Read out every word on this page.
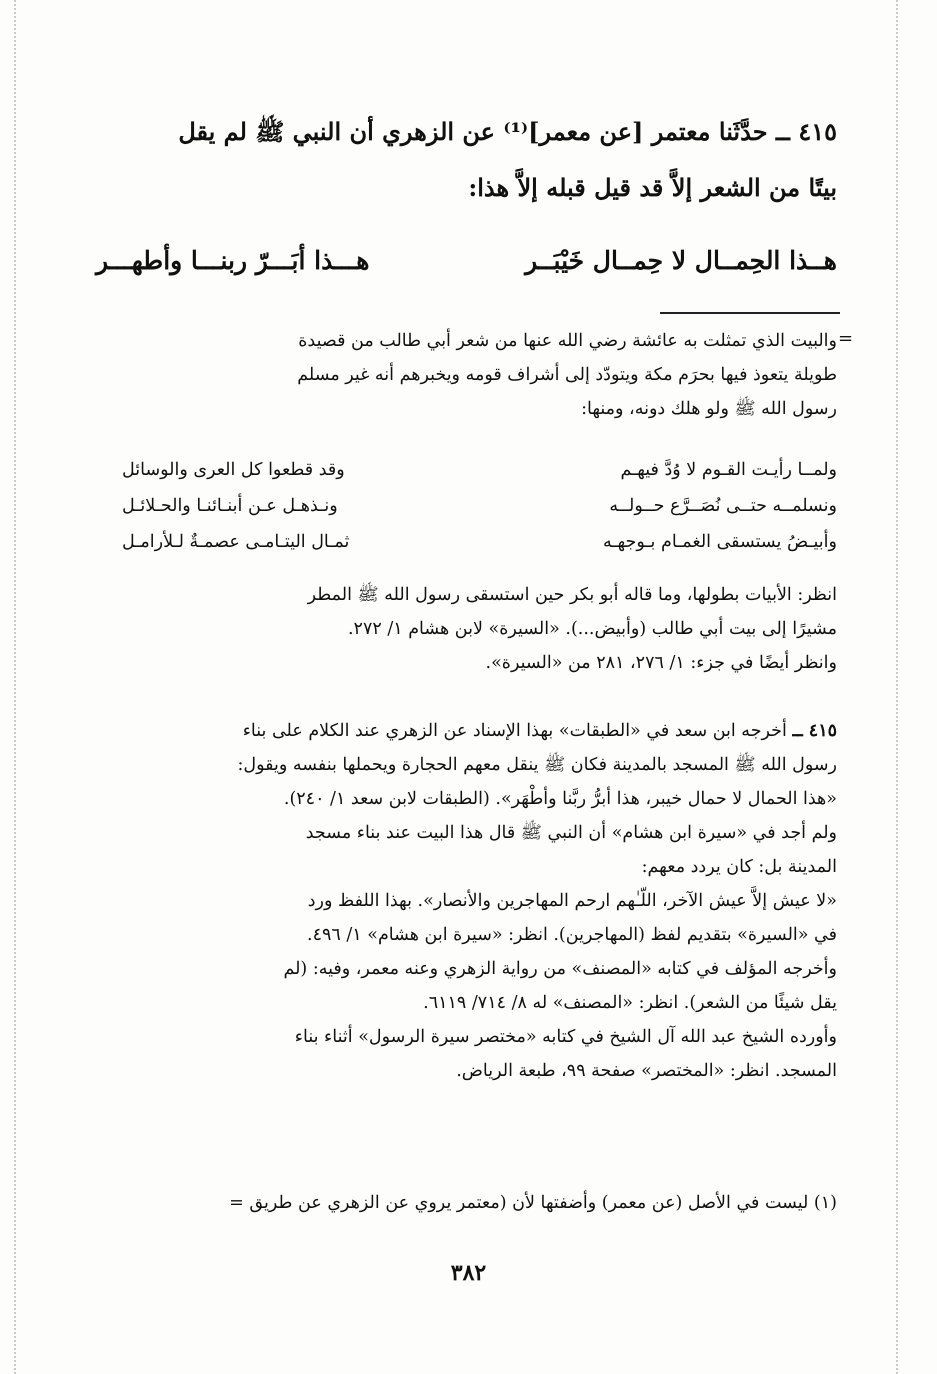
٤١٥ ــ حدَّثَنا معتمر [عن معمر]⁽¹⁾ عن الزهري أن النبي ﷺ لم يقل
بيتًا من الشعر إلاَّ قد قيل قبله إلاَّ هذا:
هــذا الحِمــال لا حِمــال خَيْبَــر
هـــذا أبَـــرّ ربنـــا وأطهـــر
=
والبيت الذي تمثلت به عائشة رضي الله عنها من شعر أبي طالب من قصيدة
طويلة يتعوذ فيها بحرَم مكة ويتودّد إلى أشراف قومه ويخبرهم أنه غير مسلم
رسول الله ﷺ ولو هلك دونه، ومنها:
ولمــا رأيـت القـوم لا وُدَّ فيهـم
وقد قطعوا كل العرى والوسائل
ونسلمــه حتــى نُصَــرَّع حــولــه
ونـذهـل عـن أبنـائنـا والحـلائـل
وأبيـضُ يستسقى الغمـام بـوجهـه
ثمـال اليتـامـى عصمـةٌ لـلأرامـل
انظر: الأبيات بطولها، وما قاله أبو بكر حين استسقى رسول الله ﷺ المطر
مشيرًا إلى بيت أبي طالب (وأبيض...). «السيرة» لابن هشام ١/ ٢٧٢.
وانظر أيضًا في جزء: ١/ ٢٧٦، ٢٨١ من «السيرة».
٤١٥ ــ أخرجه ابن سعد في «الطبقات» بهذا الإسناد عن الزهري عند الكلام على بناء
رسول الله ﷺ المسجد بالمدينة فكان ﷺ ينقل معهم الحجارة ويحملها بنفسه ويقول:
«هذا الحمال لا حمال خيبر، هذا أبرُّ ربَّنا وأطْهَر». (الطبقات لابن سعد ١/ ٢٤٠).
ولم أجد في «سيرة ابن هشام» أن النبي ﷺ قال هذا البيت عند بناء مسجد
المدينة بل: كان يردد معهم:
«لا عيش إلاَّ عيش الآخر، اللّـٰهم ارحم المهاجرين والأنصار». بهذا اللفظ ورد
في «السيرة» بتقديم لفظ (المهاجرين). انظر: «سيرة ابن هشام» ١/ ٤٩٦.
وأخرجه المؤلف في كتابه «المصنف» من رواية الزهري وعنه معمر، وفيه: (لم
يقل شيئًا من الشعر). انظر: «المصنف» له ٨/ ٧١٤/ ٦١١٩.
وأورده الشيخ عبد الله آل الشيخ في كتابه «مختصر سيرة الرسول» أثناء بناء
المسجد. انظر: «المختصر» صفحة ٩٩، طبعة الرياض.
(١) ليست في الأصل (عن معمر) وأضفتها لأن (معتمر يروي عن الزهري عن طريق =
٣٨٢
